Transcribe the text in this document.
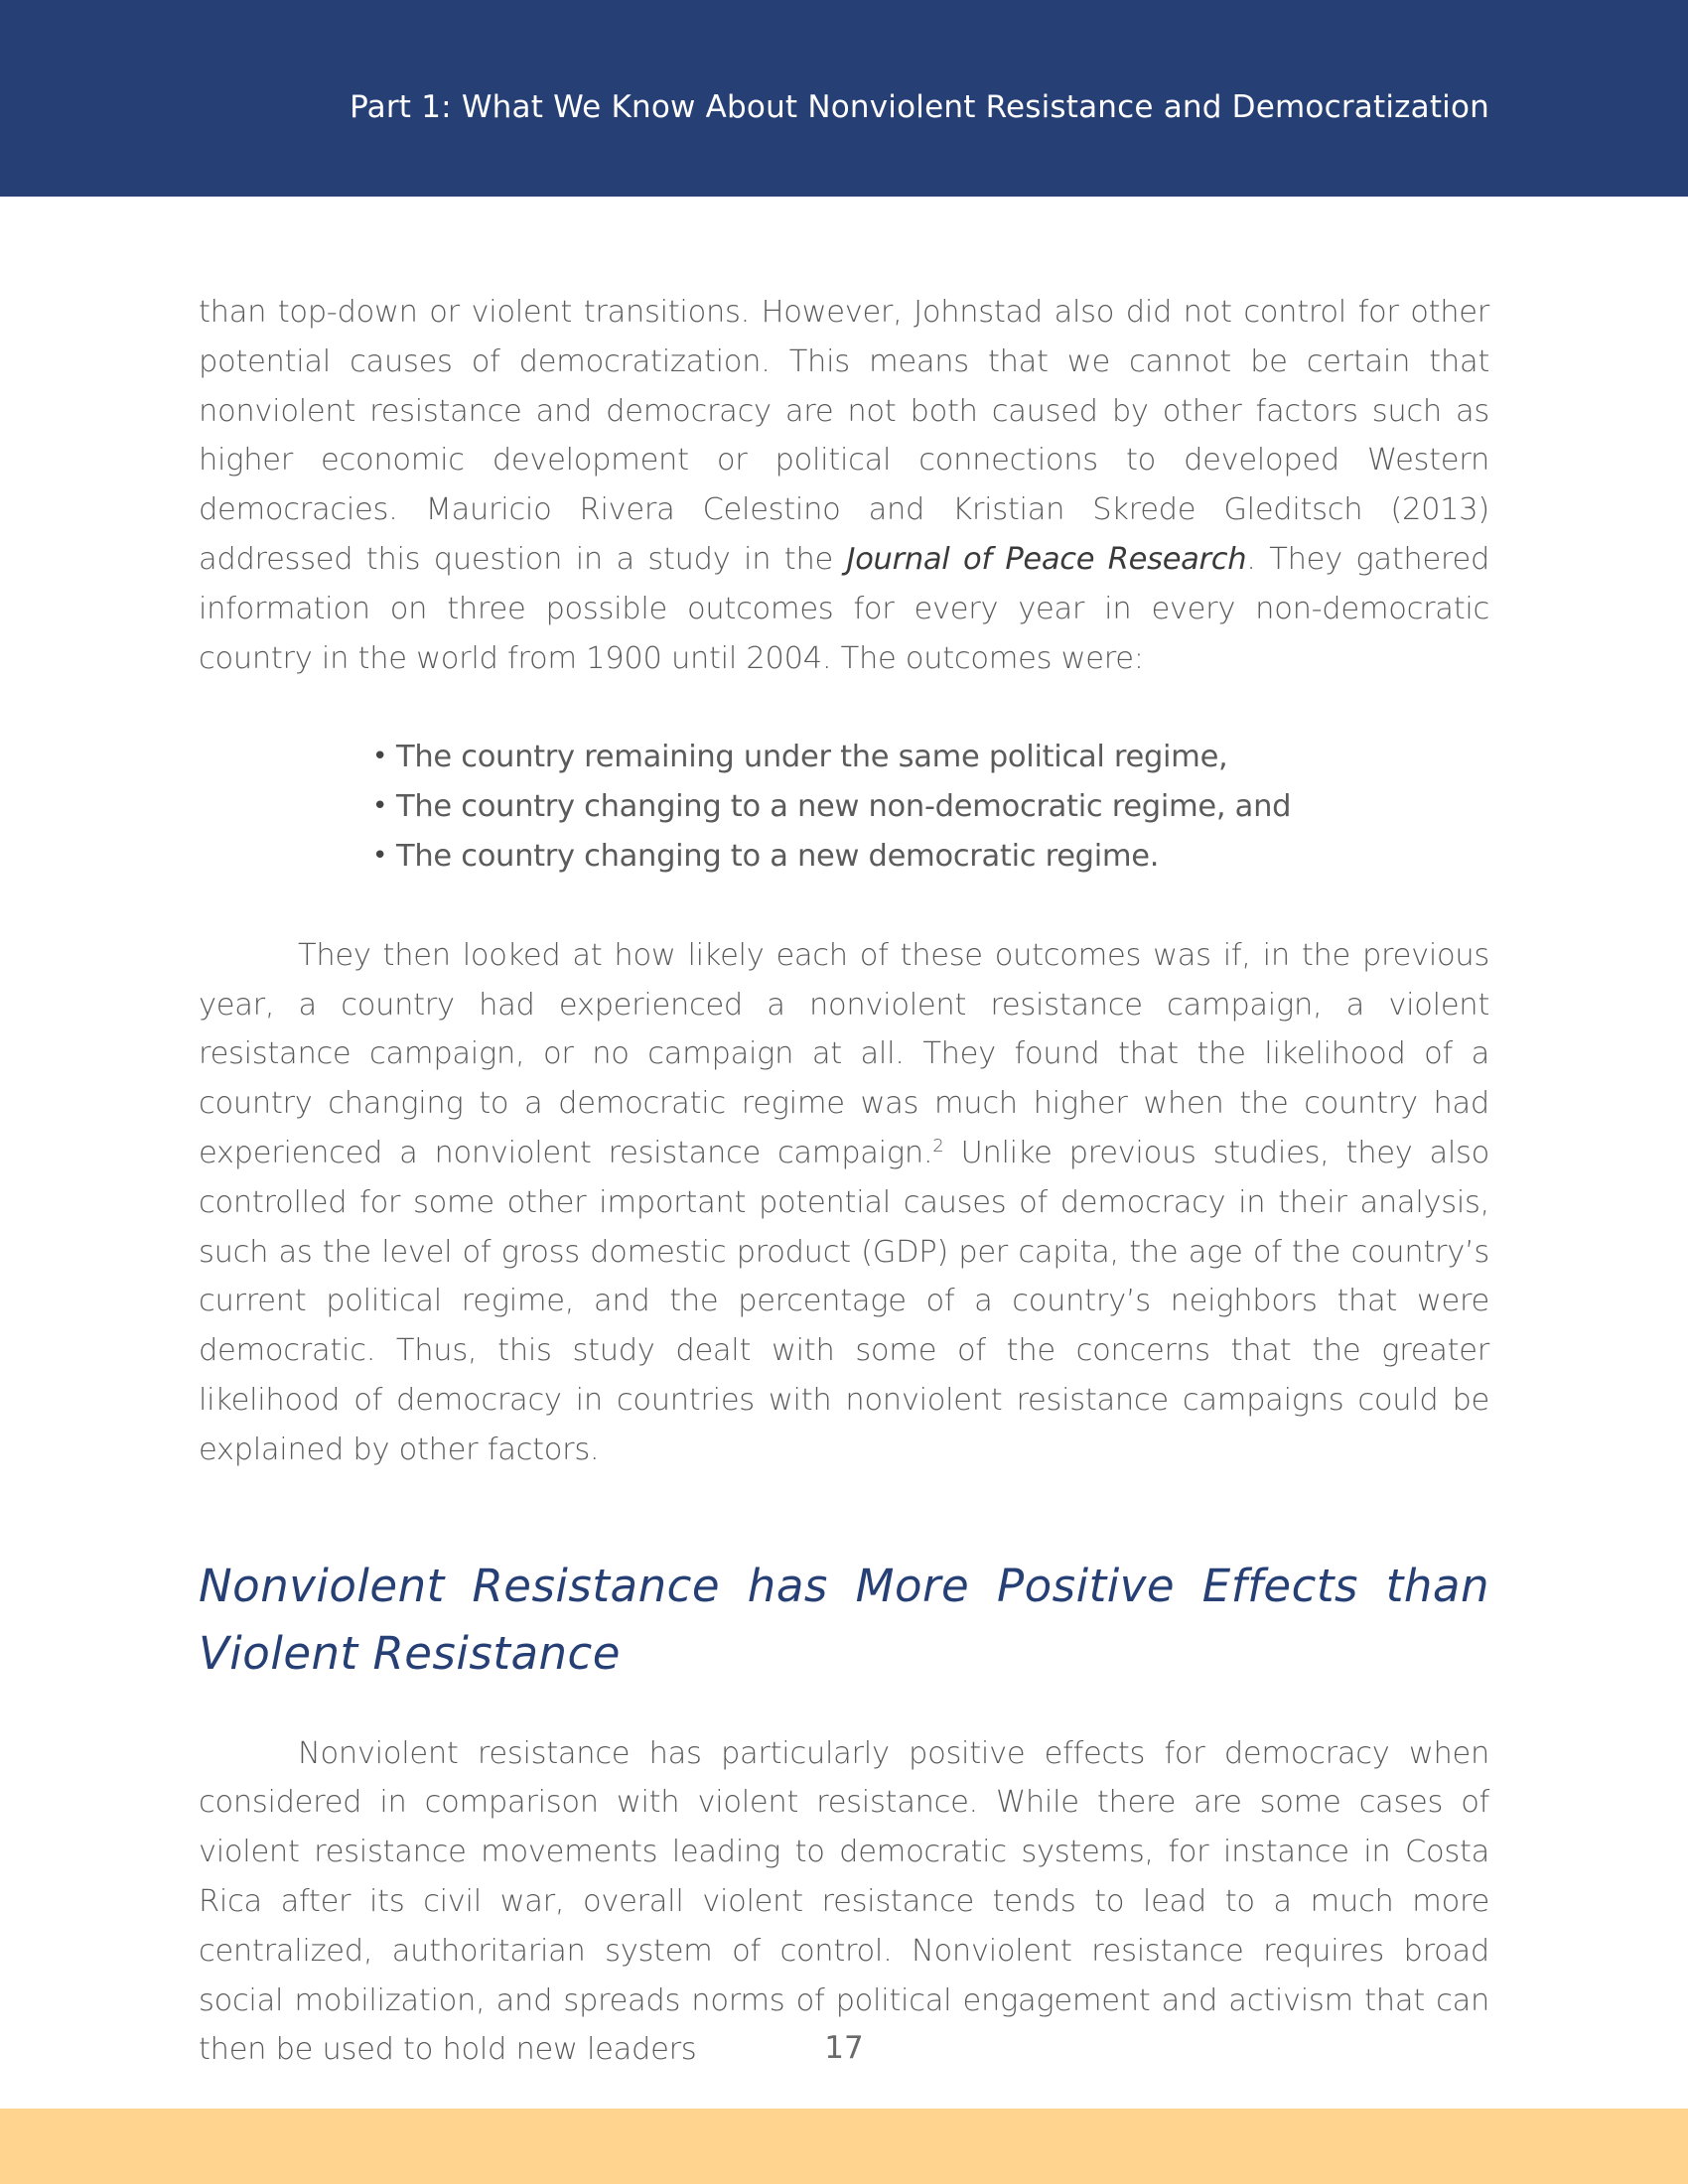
Part 1: What We Know About Nonviolent Resistance and Democratization

than top-down or violent transitions. However, Johnstad also did not control for other potential causes of democratization. This means that we cannot be certain that nonviolent resistance and democracy are not both caused by other factors such as higher economic development or political connections to developed Western democracies. Mauricio Rivera Celestino and Kristian Skrede Gleditsch (2013) addressed this question in a study in the Journal of Peace Research. They gathered information on three possible outcomes for every year in every non-democratic country in the world from 1900 until 2004. The outcomes were:

• The country remaining under the same political regime,
• The country changing to a new non-democratic regime, and
• The country changing to a new democratic regime.

They then looked at how likely each of these outcomes was if, in the previous year, a country had experienced a nonviolent resistance campaign, a violent resistance campaign, or no campaign at all. They found that the likelihood of a country changing to a democratic regime was much higher when the country had experienced a nonviolent resistance campaign.$^2$ Unlike previous studies, they also controlled for some other important potential causes of democracy in their analysis, such as the level of gross domestic product (GDP) per capita, the age of the country’s current political regime, and the percentage of a country’s neighbors that were democratic. Thus, this study dealt with some of the concerns that the greater likelihood of democracy in countries with nonviolent resistance campaigns could be explained by other factors.

Nonviolent Resistance has More Positive Effects than Violent Resistance

Nonviolent resistance has particularly positive effects for democracy when considered in comparison with violent resistance. While there are some cases of violent resistance movements leading to democratic systems, for instance in Costa Rica after its civil war, overall violent resistance tends to lead to a much more centralized, authoritarian system of control. Nonviolent resistance requires broad social mobilization, and spreads norms of political engagement and activism that can then be used to hold new leaders	17
